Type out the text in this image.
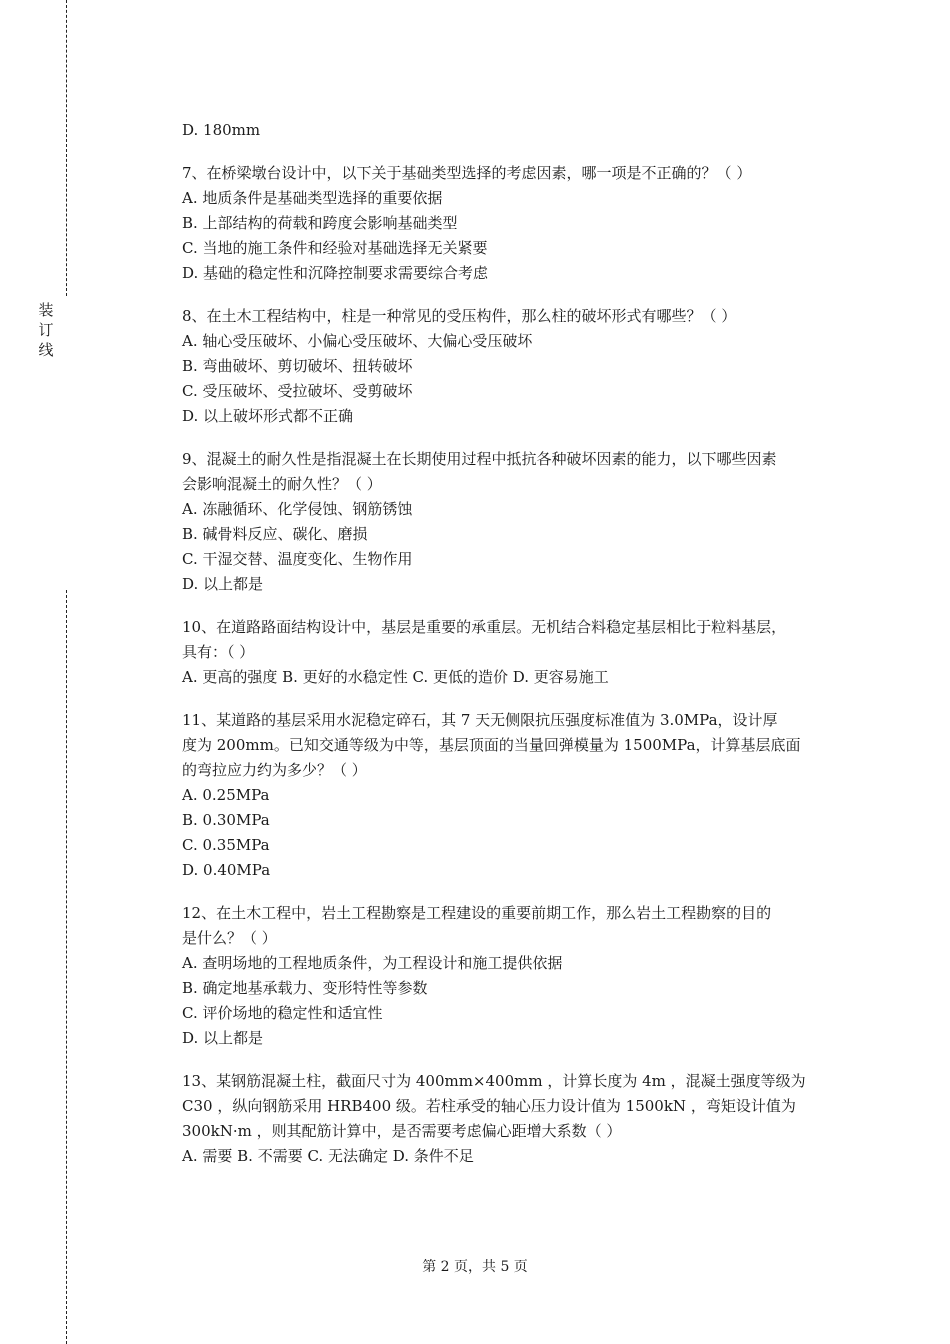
装
订
线
D. 180mm
7、在桥梁墩台设计中，以下关于基础类型选择的考虑因素，哪一项是不正确的？（ ）
A. 地质条件是基础类型选择的重要依据
B. 上部结构的荷载和跨度会影响基础类型
C. 当地的施工条件和经验对基础选择无关紧要
D. 基础的稳定性和沉降控制要求需要综合考虑
8、在土木工程结构中，柱是一种常见的受压构件，那么柱的破坏形式有哪些？（ ）
A. 轴心受压破坏、小偏心受压破坏、大偏心受压破坏
B. 弯曲破坏、剪切破坏、扭转破坏
C. 受压破坏、受拉破坏、受剪破坏
D. 以上破坏形式都不正确
9、混凝土的耐久性是指混凝土在长期使用过程中抵抗各种破坏因素的能力，以下哪些因素
会影响混凝土的耐久性？（ ）
A. 冻融循环、化学侵蚀、钢筋锈蚀
B. 碱骨料反应、碳化、磨损
C. 干湿交替、温度变化、生物作用
D. 以上都是
10、在道路路面结构设计中，基层是重要的承重层。无机结合料稳定基层相比于粒料基层，
具有：（ ）
A. 更高的强度 B. 更好的水稳定性 C. 更低的造价 D. 更容易施工
11、某道路的基层采用水泥稳定碎石，其 7 天无侧限抗压强度标准值为 3.0MPa，设计厚
度为 200mm。已知交通等级为中等，基层顶面的当量回弹模量为 1500MPa，计算基层底面
的弯拉应力约为多少？（ ）
A. 0.25MPa
B. 0.30MPa
C. 0.35MPa
D. 0.40MPa
12、在土木工程中，岩土工程勘察是工程建设的重要前期工作，那么岩土工程勘察的目的
是什么？（ ）
A. 查明场地的工程地质条件，为工程设计和施工提供依据
B. 确定地基承载力、变形特性等参数
C. 评价场地的稳定性和适宜性
D. 以上都是
13、某钢筋混凝土柱，截面尺寸为 400mm×400mm ，计算长度为 4m ，混凝土强度等级为
C30 ，纵向钢筋采用 HRB400 级。若柱承受的轴心压力设计值为 1500kN ，弯矩设计值为
300kN·m ，则其配筋计算中，是否需要考虑偏心距增大系数（ ）
A. 需要 B. 不需要 C. 无法确定 D. 条件不足
第 2 页，共 5 页
